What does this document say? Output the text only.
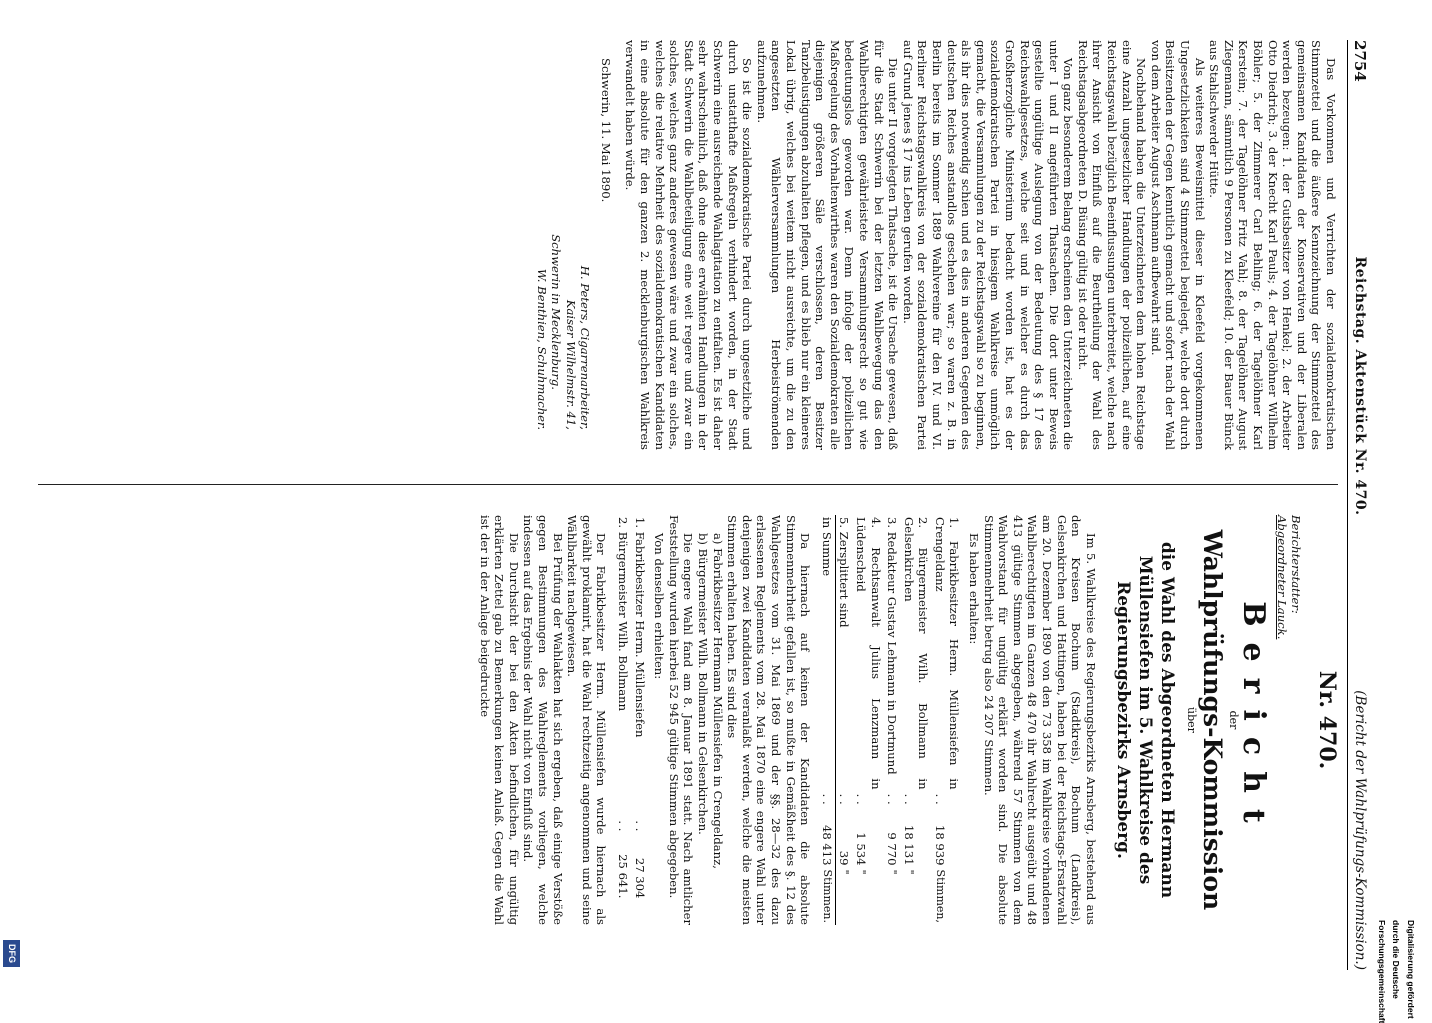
2754
Reichstag. Aktenstück Nr. 470.
(Bericht der Wahlprüfungs-Kommission.)

Das Vorkommen und Verrichten der sozialdemokratischen Stimmzettel und die äußere Kennzeichnung der Stimmzettel des gemeinsamen Kandidaten der Konservativen und der Liberalen werden bezeugen: 1. der Gutsbesitzer von Henkel; 2. der Arbeiter Otto Diedrich; 3. der Knecht Karl Pauls; 4. der Tagelöhner Wilhelm Böhler; 5. der Zimmerer Carl Behling; 6. der Tagelöhner Karl Kerstein; 7. der Tagelöhner Fritz Vahl; 8. der Tagelöhner August Ziegemann, sämmtlich 9 Personen zu Kleefeld; 10. der Bauer Bünck aus Stahlschwerder Hütte.

Als weiteres Beweismittel dieser in Kleefeld vorgekommenen Ungesetzlichkeiten sind 4 Stimmzettel beigelegt, welche dort durch Beisitzenden der Gegen kenntlich gemacht und sofort nach der Wahl von dem Arbeiter August Aschmann aufbewahrt sind.

Nochbehand haben die Unterzeichneten dem hohen Reichstage eine Anzahl ungesetzlicher Handlungen der polizeilichen, auf eine Reichstagswahl bezüglich Beeinflussungen unterbreitet, welche nach ihrer Ansicht von Einfluß auf die Beurtheilung der Wahl des Reichstagsabgeordneten D. Büsing gültig ist oder nicht.

Von ganz besonderem Belang erscheinen den Unterzeichneten die unter I und II angeführten Thatsachen. Die dort unter Beweis gestellte ungültige Auslegung von der Bedeutung des § 17 des Reichswahlgesetzes, welche seit und in welcher es durch das Großherzogliche Ministerium bedacht worden ist, hat es der sozialdemokratischen Partei in hiesigem Wahlkreise unmöglich gemacht, die Versammlungen zu der Reichstagswahl so zu beginnen, als ihr dies notwendig schien und es dies in anderen Gegenden des deutschen Reiches anstandlos geschehen war; so waren z. B. in Berlin bereits im Sommer 1889 Wahlvereine für den IV. und VI. Berliner Reichstagswahlkreis von der sozialdemokratischen Partei auf Grund jenes § 17 ins Leben gerufen worden.

Die unter II vorgelegten Thatsache, ist die Ursache gewesen, daß für die Stadt Schwerin bei der letzten Wahlbewegung das den Wahlberechtigten gewährleistete Versammlungsrecht so gut wie bedeutungslos geworden war. Denn infolge der polizeilichen Maßregelung des Vorhaltenwirthes waren den Sozialdemokraten alle diejenigen größeren Säle verschlossen, deren Besitzer Tanzbelustigungen abzuhalten pflegen, und es blieb nur ein kleineres Lokal übrig, welches bei weitem nicht ausreichte, um die zu den angesetzten Wählerversammlungen Herbeiströmenden aufzunehmen.

So ist die sozialdemokratische Partei durch ungesetzliche und durch unstatthafte Maßregeln verhindert worden, in der Stadt Schwerin eine ausreichende Wahlagitation zu entfalten. Es ist daher sehr wahrscheinlich, daß ohne diese erwähnten Handlungen in der Stadt Schwerin die Wahlbeteiligung eine weit regere und zwar ein solches, welches ganz anderes gewesen wäre und zwar ein solches, welches die relative Mehrheit des sozialdemokratischen Kandidaten in eine absolute für den ganzen 2. mecklenburgischen Wahlkreis verwandelt haben würde.

Schwerin, 11. Mai 1890.

H. Peters, Cigarrenarbeiter,
Kaiser Wilhelmstr. 41,
Schwerin in Mecklenburg.
W. Benthien, Schuhmacher.
Nr. 470.

Berichterstatter:
Abgeordneter Lauck.

Bericht
der
Wahlprüfungs-Kommission
über
die Wahl des Abgeordneten Hermann Müllensiefen im 5. Wahlkreise des Regierungsbezirks Arnsberg.

Im 5. Wahlkreise des Regierungsbezirks Arnsberg, bestehend aus den Kreisen Bochum (Stadtkreis), Bochum (Landkreis), Gelsenkirchen und Hattingen, haben bei der Reichstags-Ersatzwahl am 20. Dezember 1890 von den 73 358 im Wahlkreise vorhandenen Wahlberechtigten im Ganzen 48 470 ihr Wahlrecht ausgeübt und 48 413 gültige Stimmen abgegeben, während 57 Stimmen von dem Wahlvorstand für ungültig erklärt worden sind. Die absolute Stimmenmehrheit betrug also 24 207 Stimmen.

Es haben erhalten:

1. Fabrikbesitzer Herm. Müllensiefen in Crengeldanz	. .	18 939	Stimmen,
2. Bürgermeister Wilh. Bollmann in Gelsenkirchen	. .	18 131	"
3. Redakteur Gustav Lehmann in Dortmund	. .	9 770	"
4. Rechtsanwalt Julius Lenzmann in Lüdenscheid	. .	1 534	"
5. Zersplittert sind	. .	39	"
in Summe	. .	48 413	Stimmen.

Da hiernach auf keinen der Kandidaten die absolute Stimmenmehrheit gefallen ist, so mußte in Gemäßheit des §. 12 des Wahlgesetzes vom 31. Mai 1869 und der §§. 28—32 des dazu erlassenen Reglements vom 28. Mai 1870 eine engere Wahl unter denjenigen zwei Kandidaten veranlaßt werden, welche die meisten Stimmen erhalten haben. Es sind dies

a) Fabrikbesitzer Hermann Müllensiefen in Crengeldanz,

b) Bürgermeister Wilh. Bollmann in Gelsenkirchen.

Die engere Wahl fand am 8. Januar 1891 statt. Nach amtlicher Feststellung wurden hierbei 52 945 gültige Stimmen abgegeben.

Von denselben erhielten:

1. Fabrikbesitzer Herm. Müllensiefen	. .	27 304	
2. Bürgermeister Wilh. Bollmann	. .	25 641.	

Der Fabrikbesitzer Herm. Müllensiefen wurde hiernach als gewählt proklamirt, hat die Wahl rechtzeitig angenommen und seine Wählbarkeit nachgewiesen.

Bei Prüfung der Wahlakten hat sich ergeben, daß einige Verstöße gegen Bestimmungen des Wahlreglements vorliegen, welche indessen auf das Ergebnis der Wahl nicht von Einfluß sind.

Die Durchsicht der bei den Akten befindlichen, für ungültig erklärten Zettel gab zu Bemerkungen keinen Anlaß. Gegen die Wahl ist der in der Anlage beigedruckte

Digitalisierung gefördert durch die Deutsche Forschungsgemeinschaft
DFG
